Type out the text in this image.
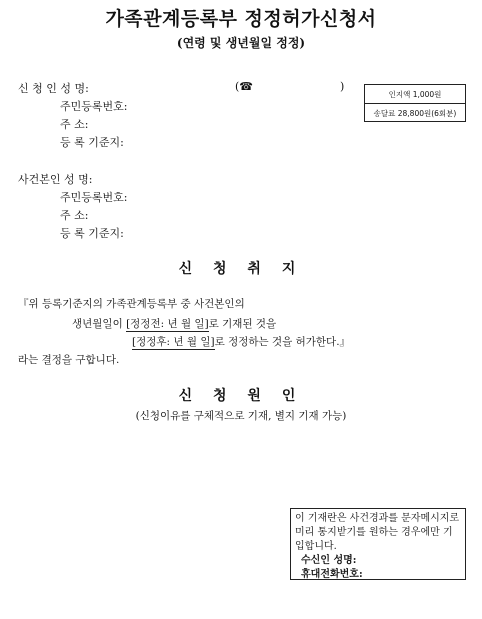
가족관계등록부 정정허가신청서
(연령 및 생년월일 정정)
신 청 인 성 명:	(☎	)
주민등록번호:
주 소:
등 록 기준지:
인지액 1,000원
송달료 28,800원(6회분)
사건본인 성 명:
주민등록번호:
주 소:
등 록 기준지:
신 청 취 지
『위 등록기준지의 가족관계등록부 중 사건본인의
생년월일이 [정정전: 년 월 일]로 기재된 것을
[정정후: 년 월 일]로 정정하는 것을 허가한다.』
라는 결정을 구합니다.
신 청 원 인
(신청이유를 구체적으로 기재, 별지 기재 가능)
이 기재란은 사건경과를 문자메시지로 미리 통지받기를 원하는 경우에만 기입합니다.
수신인 성명:
휴대전화번호:
